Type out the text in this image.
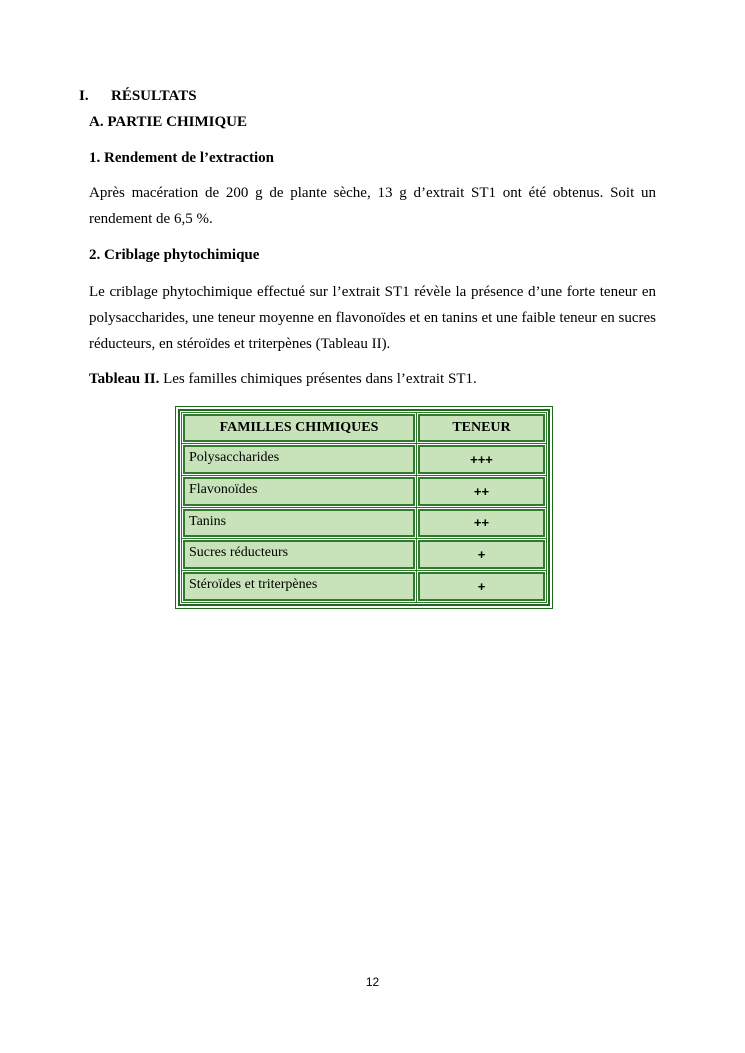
I. RÉSULTATS
A. PARTIE CHIMIQUE
1. Rendement de l’extraction
Après macération de 200 g de plante sèche, 13 g d’extrait ST1 ont été obtenus. Soit un rendement de 6,5 %.
2. Criblage phytochimique
Le criblage phytochimique effectué sur l’extrait ST1 révèle la présence d’une forte teneur en polysaccharides, une teneur moyenne en flavonoïdes et en tanins et une faible teneur en sucres réducteurs, en stéroïdes et triterpènes (Tableau II).
Tableau II. Les familles chimiques présentes dans l’extrait ST1.
FAMILLES CHIMIQUES	TENEUR
Polysaccharides	+++
Flavonoïdes	++
Tanins	++
Sucres réducteurs	+
Stéroïdes et triterpènes	+
12
